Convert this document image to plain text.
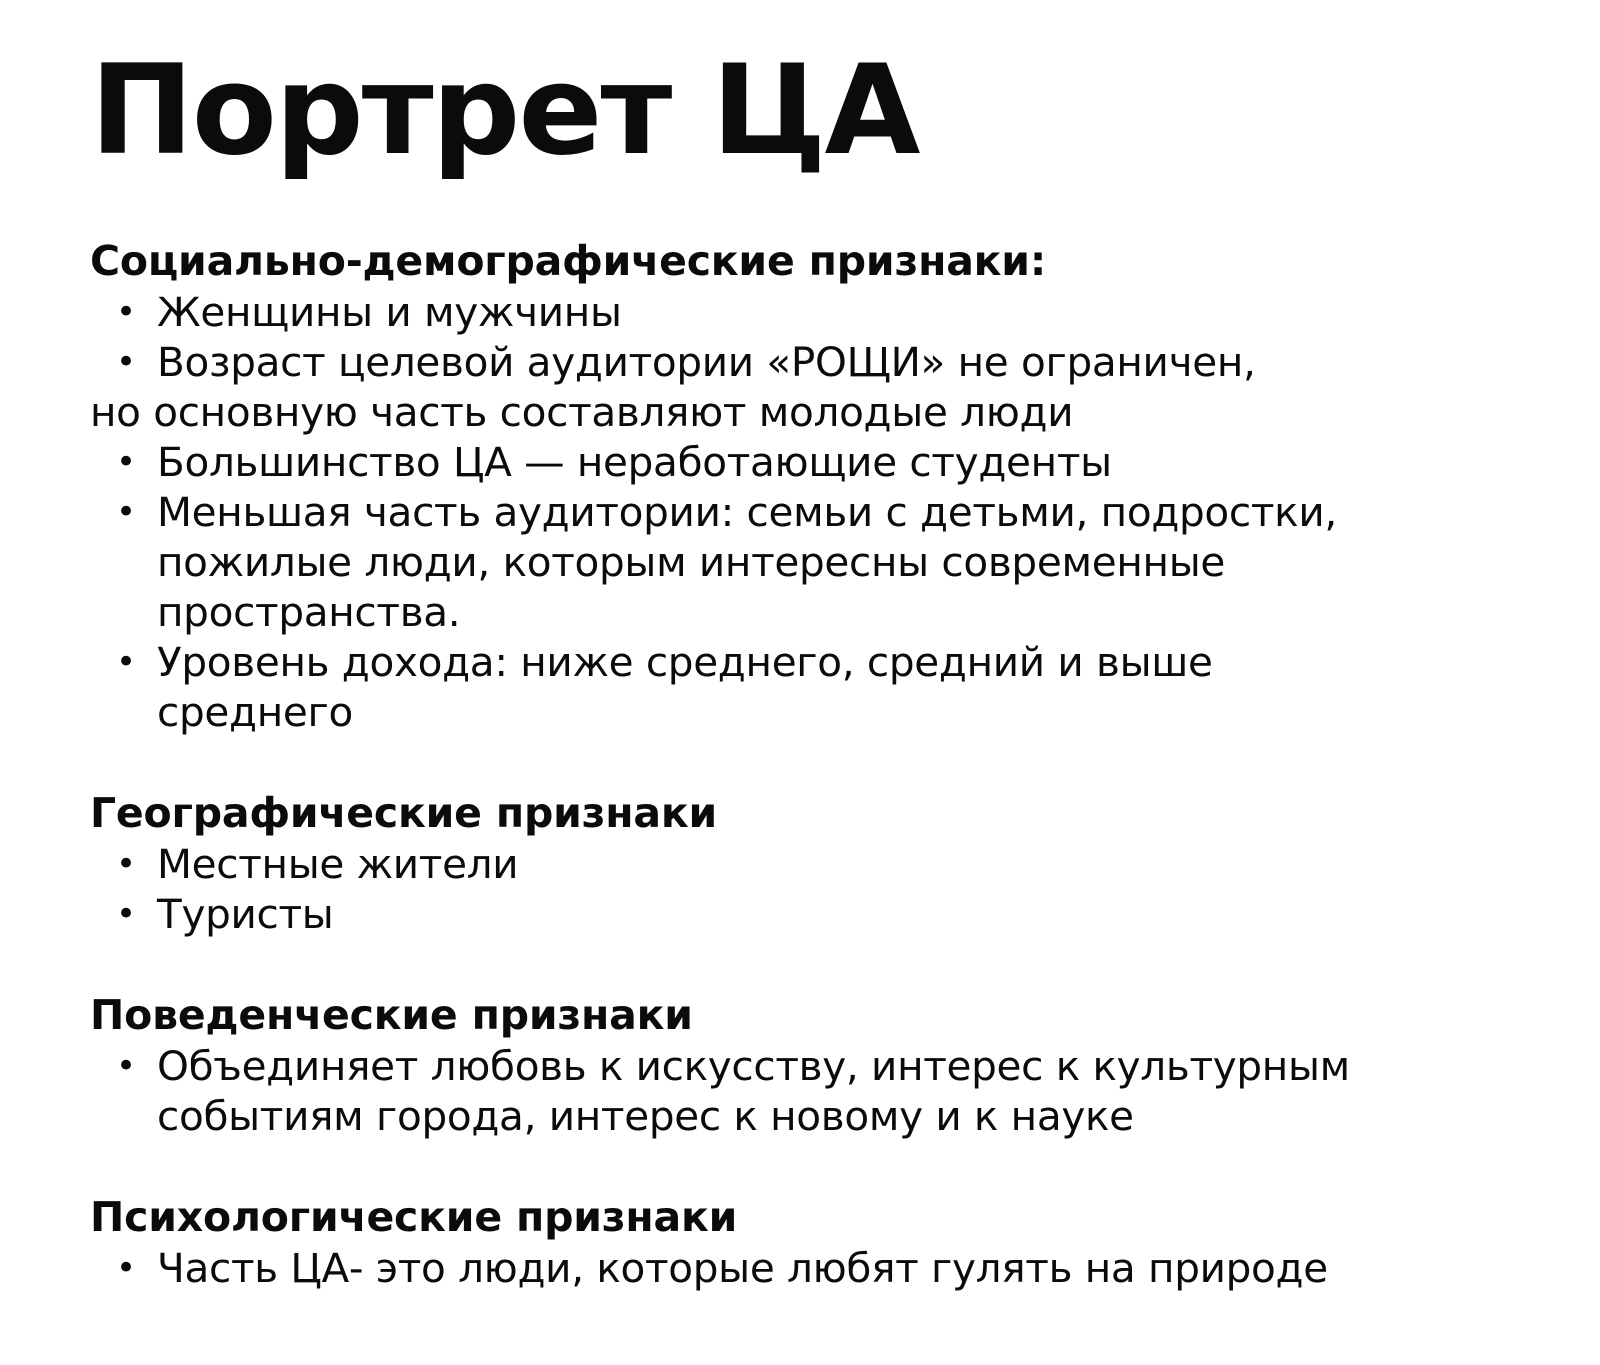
Портрет ЦА
Социально-демографические признаки:
• Женщины и мужчины
• Возраст целевой аудитории «РОЩИ» не ограничен,
но основную часть составляют молодые люди
• Большинство ЦА — неработающие студенты
• Меньшая часть аудитории: семьи с детьми, подростки,
пожилые люди, которым интересны современные
пространства.
• Уровень дохода: ниже среднего, средний и выше
среднего
Географические признаки
• Местные жители
• Туристы
Поведенческие признаки
• Объединяет любовь к искусству, интерес к культурным
событиям города, интерес к новому и к науке
Психологические признаки
• Часть ЦА- это люди, которые любят гулять на природе
